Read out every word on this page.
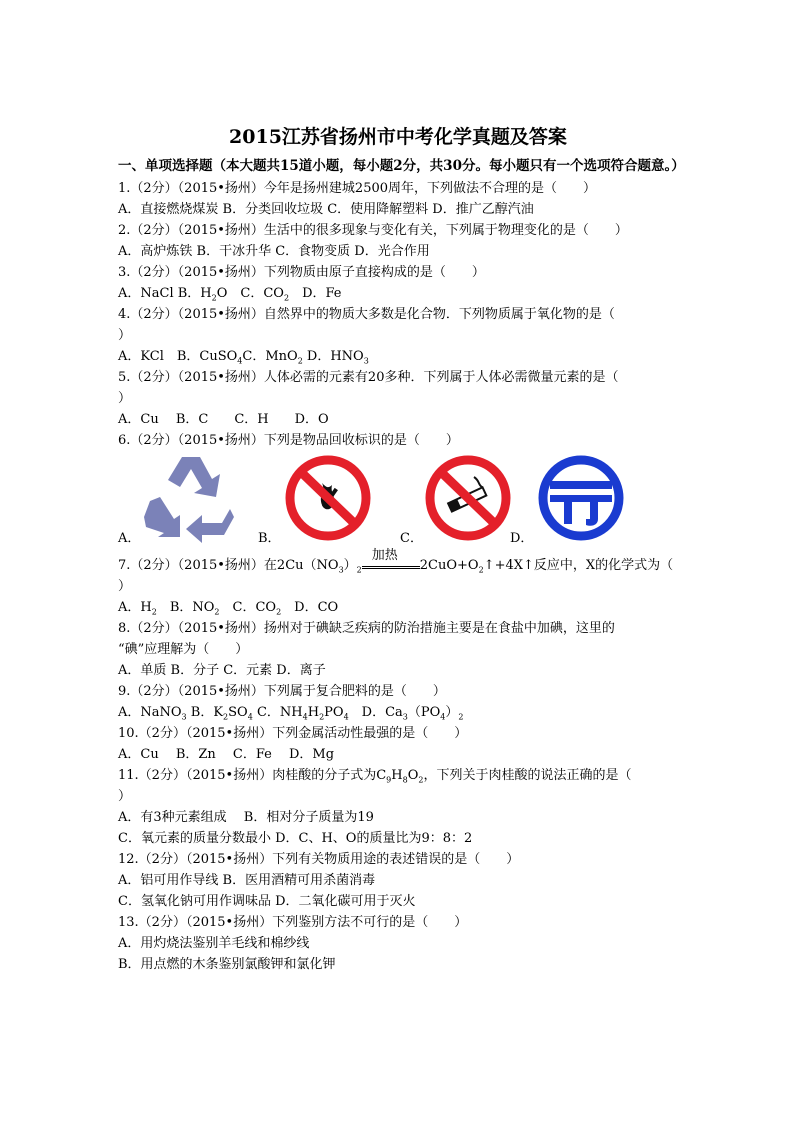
2015江苏省扬州市中考化学真题及答案
一、单项选择题（本大题共15道小题，每小题2分，共30分。每小题只有一个选项符合题意。）
1.（2分）（2015•扬州）今年是扬州建城2500周年，下列做法不合理的是（　　）
A．直接燃烧煤炭 B．分类回收垃圾 C．使用降解塑料 D．推广乙醇汽油
2.（2分）（2015•扬州）生活中的很多现象与变化有关，下列属于物理变化的是（　　）
A．高炉炼铁 B．干冰升华 C．食物变质 D．光合作用
3.（2分）（2015•扬州）下列物质由原子直接构成的是（　　）
A．NaCl B．$H_2O$　C．$CO_2$　D．Fe
4.（2分）（2015•扬州）自然界中的物质大多数是化合物．下列物质属于氧化物的是（
）
A．KCl　B．CuSO$_4$C．MnO$_2$ D．$HNO_3$
5.（2分）（2015•扬州）人体必需的元素有20多种．下列属于人体必需微量元素的是（
）
A．Cu　 B．C　　C．H　　D．O
6.（2分）（2015•扬州）下列是物品回收标识的是（　　）
A．	B．	C．	D．
7.（2分）（2015•扬州）在$2Cu(NO_3)_2$
加热
$2CuO+O_2↑+4X↑$反应中，X的化学式为（
）
A．$H_2$　B．$NO_2$　C．$CO_2$　D．CO
8.（2分）（2015•扬州）扬州对于碘缺乏疾病的防治措施主要是在食盐中加碘，这里的
“碘”应理解为（　　）
A．单质 B．分子 C．元素 D．离子
9.（2分）（2015•扬州）下列属于复合肥料的是（　　）
A．NaNO$_3$ B．$K_2SO_4$ C．$NH_4H_2PO_4$　D．$Ca_3(PO_4)_2$
10.（2分）（2015•扬州）下列金属活动性最强的是（　　）
A．Cu　 B．Zn　 C．Fe　 D．Mg
11.（2分）（2015•扬州）肉桂酸的分子式为$C_9H_8O_2$，下列关于肉桂酸的说法正确的是（
）
A．有3种元素组成　 B．相对分子质量为19
C．氧元素的质量分数最小 D．C、H、O的质量比为9：8：2
12.（2分）（2015•扬州）下列有关物质用途的表述错误的是（　　）
A．铝可用作导线 B．医用酒精可用杀菌消毒
C．氢氧化钠可用作调味品 D．二氧化碳可用于灭火
13.（2分）（2015•扬州）下列鉴别方法不可行的是（　　）
A．用灼烧法鉴别羊毛线和棉纱线
B．用点燃的木条鉴别氯酸钾和氯化钾
